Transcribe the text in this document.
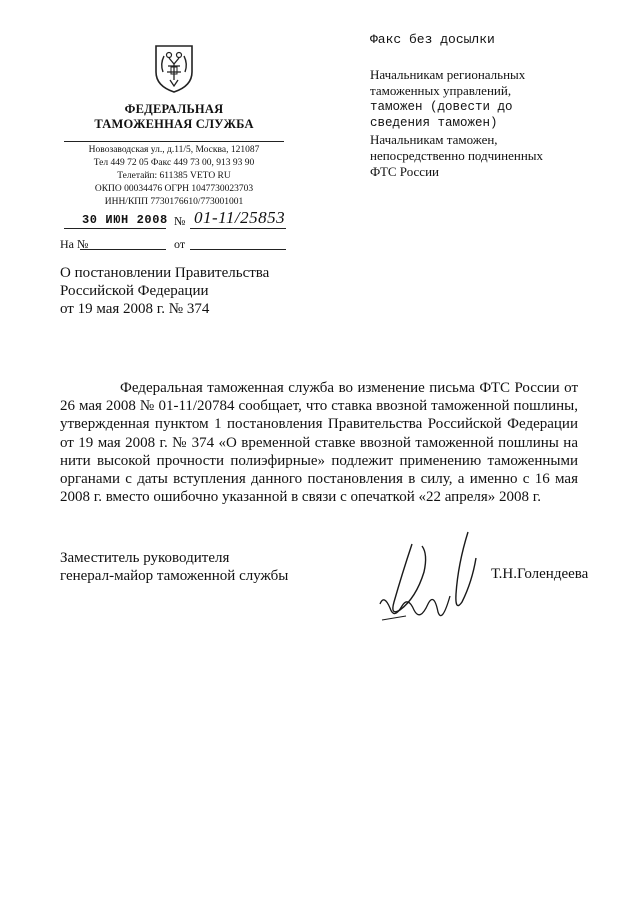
ФЕДЕРАЛЬНАЯ
ТАМОЖЕННАЯ СЛУЖБА
Новозаводская ул., д.11/5, Москва, 121087
Тел 449 72 05 Факс 449 73 00, 913 93 90
Телетайп: 611385 VETO RU
ОКПО 00034476 ОГРН 1047730023703
ИНН/КПП 7730176610/773001001
30 ИЮН 2008 № 01-11/25853
На №	от
Факс без досылки
Начальникам региональных
таможенных управлений,
таможен (довести до
сведения таможен)
Начальникам таможен,
непосредственно подчиненных
ФТС России
О постановлении Правительства
Российской Федерации
от 19 мая 2008 г. № 374

Федеральная таможенная служба во изменение письма ФТС России от 26 мая 2008 № 01-11/20784 сообщает, что ставка ввозной таможенной пошлины, утвержденная пунктом 1 постановления Правительства Российской Федерации от 19 мая 2008 г. № 374 «О временной ставке ввозной таможенной пошлины на нити высокой прочности полиэфирные» подлежит применению таможенными органами с даты вступления данного постановления в силу, а именно с 16 мая 2008 г. вместо ошибочно указанной в связи с опечаткой «22 апреля» 2008 г.

Заместитель руководителя
генерал-майор таможенной службы	Т.Н.Голендеева
